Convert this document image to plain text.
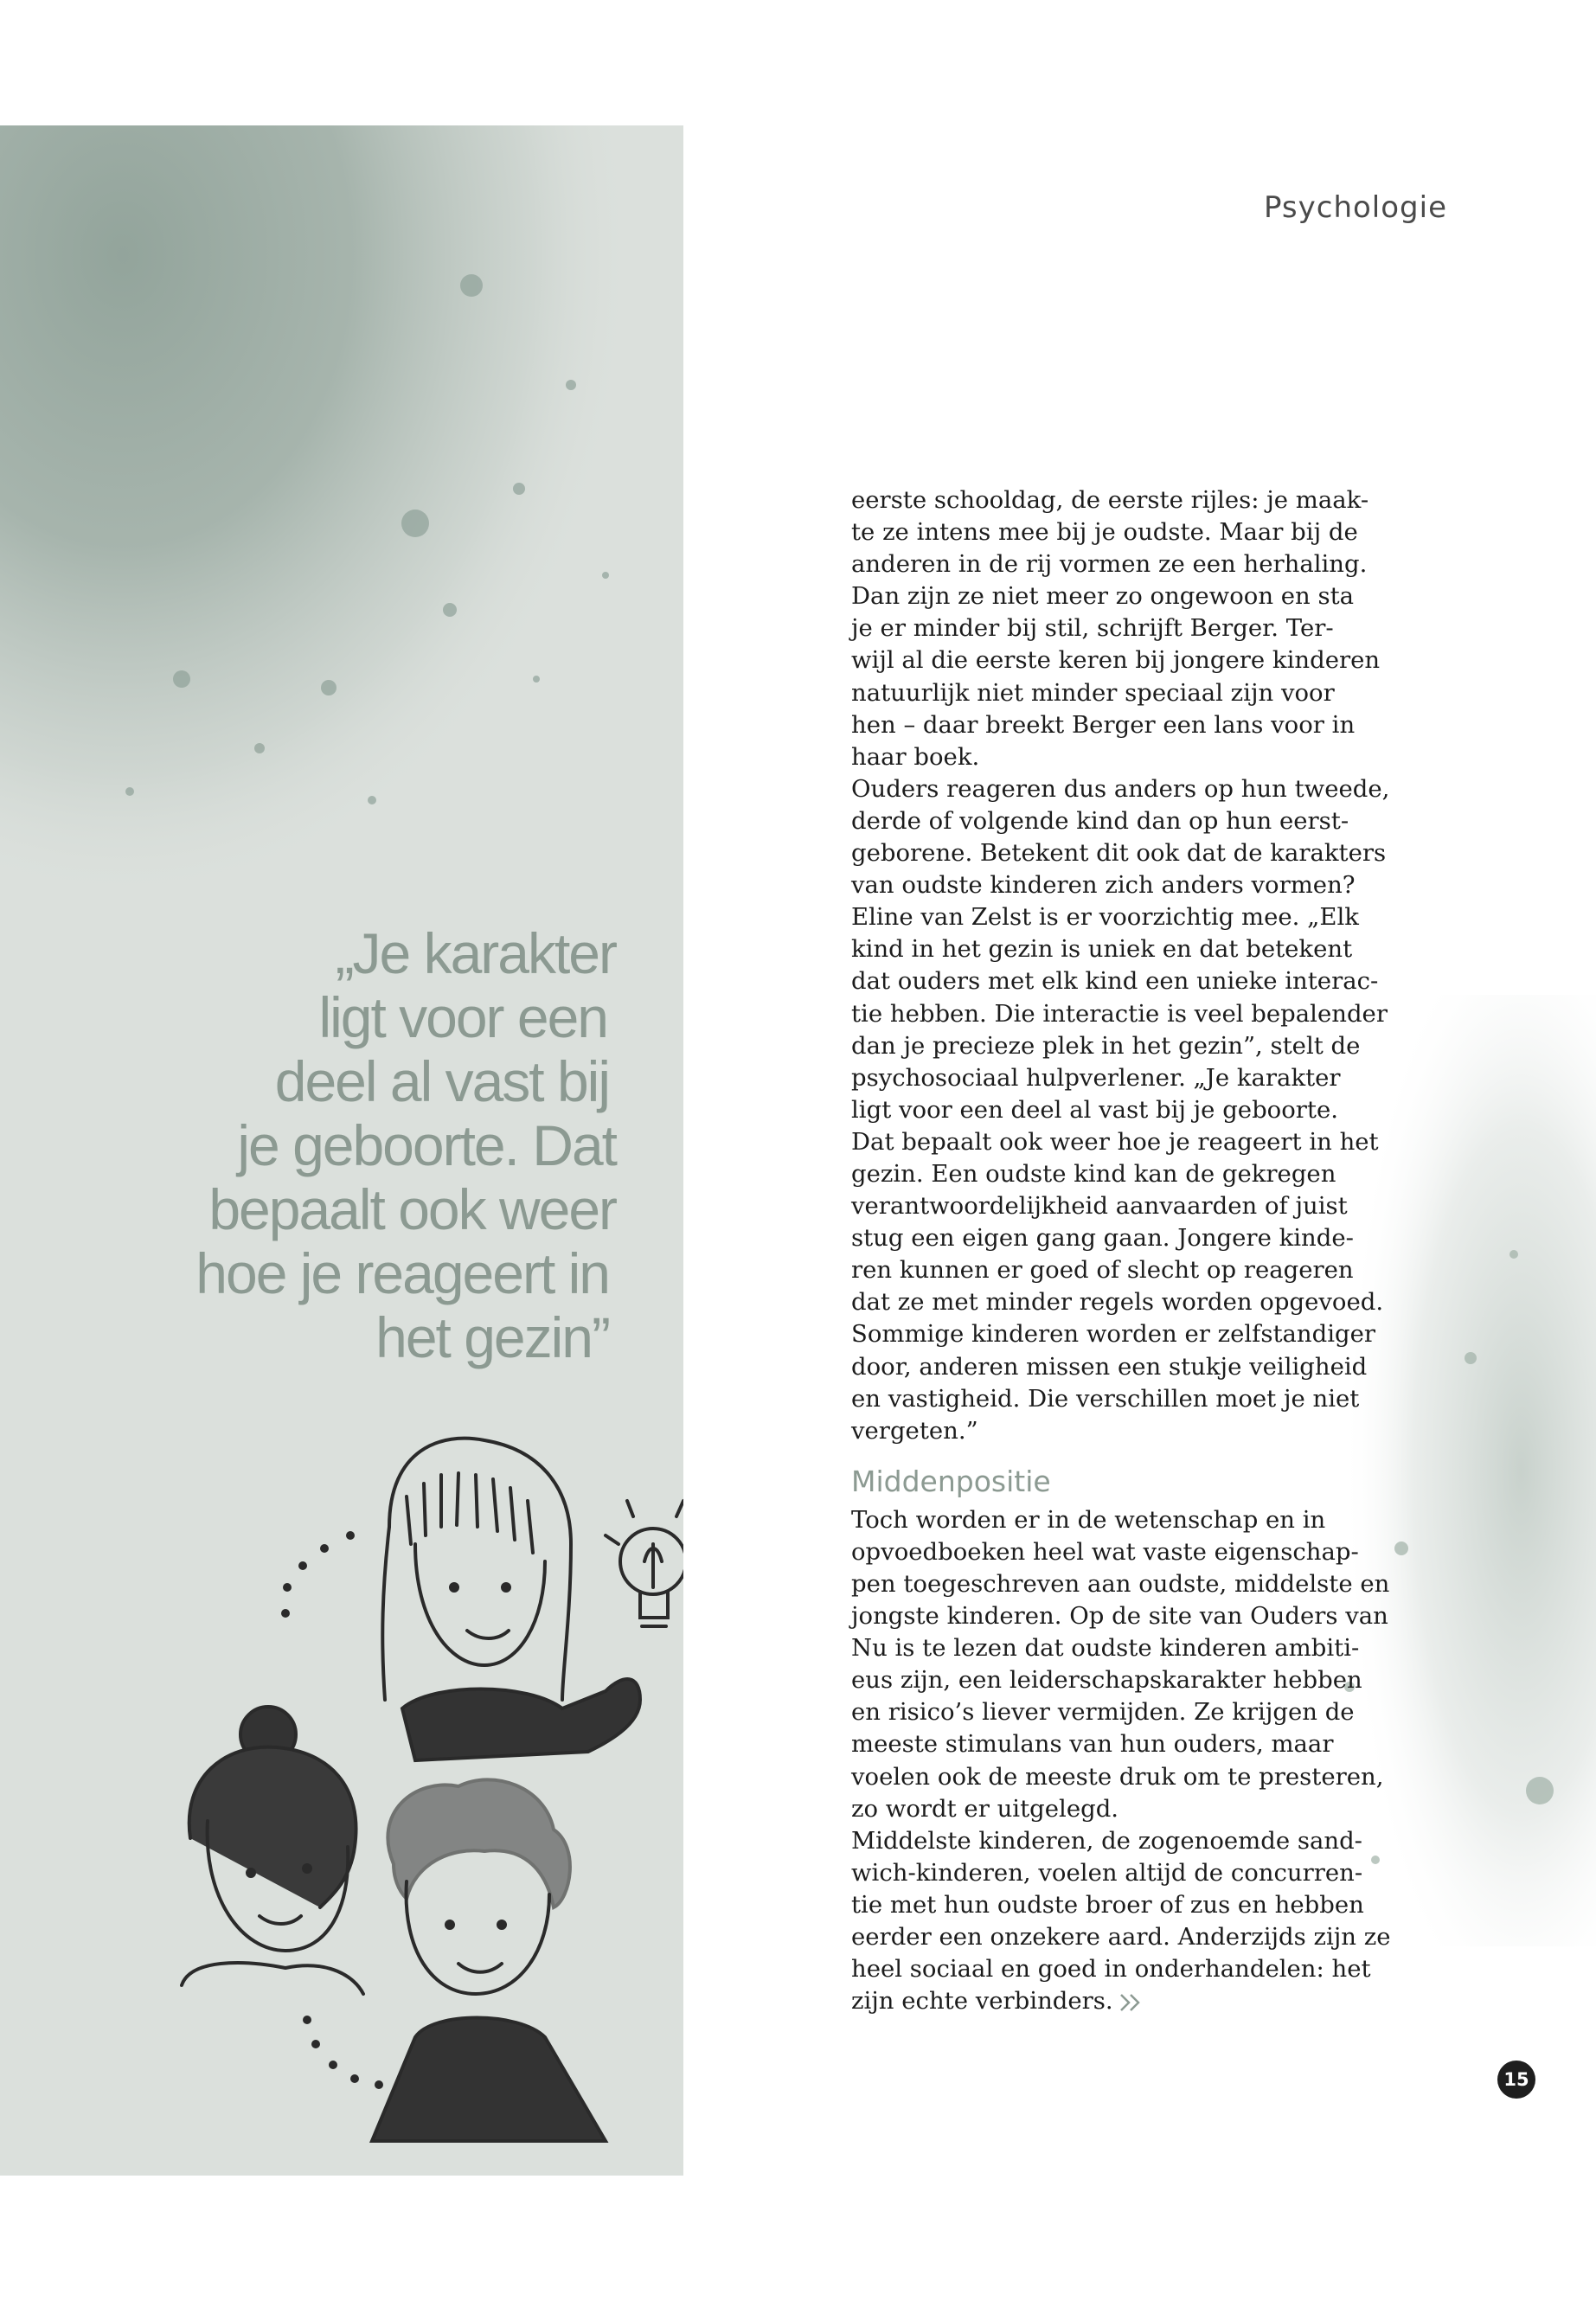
„Je karakter
ligt voor een
deel al vast bij
je geboorte. Dat
bepaalt ook weer
hoe je reageert in
het gezin”
Psychologie
eerste schooldag, de eerste rijles: je maak-
te ze intens mee bij je oudste. Maar bij de
anderen in de rij vormen ze een herhaling.
Dan zijn ze niet meer zo ongewoon en sta
je er minder bij stil, schrijft Berger. Ter-
wijl al die eerste keren bij jongere kinderen
natuurlijk niet minder speciaal zijn voor
hen – daar breekt Berger een lans voor in
haar boek.
Ouders reageren dus anders op hun tweede,
derde of volgende kind dan op hun eerst-
geborene. Betekent dit ook dat de karakters
van oudste kinderen zich anders vormen?
Eline van Zelst is er voorzichtig mee. „Elk
kind in het gezin is uniek en dat betekent
dat ouders met elk kind een unieke interac-
tie hebben. Die interactie is veel bepalender
dan je precieze plek in het gezin”, stelt de
psychosociaal hulpverlener. „Je karakter
ligt voor een deel al vast bij je geboorte.
Dat bepaalt ook weer hoe je reageert in het
gezin. Een oudste kind kan de gekregen
verantwoordelijkheid aanvaarden of juist
stug een eigen gang gaan. Jongere kinde-
ren kunnen er goed of slecht op reageren
dat ze met minder regels worden opgevoed.
Sommige kinderen worden er zelfstandiger
door, anderen missen een stukje veiligheid
en vastigheid. Die verschillen moet je niet
vergeten.”
Middenpositie
Toch worden er in de wetenschap en in
opvoedboeken heel wat vaste eigenschap-
pen toegeschreven aan oudste, middelste en
jongste kinderen. Op de site van Ouders van
Nu is te lezen dat oudste kinderen ambiti-
eus zijn, een leiderschapskarakter hebben
en risico’s liever vermijden. Ze krijgen de
meeste stimulans van hun ouders, maar
voelen ook de meeste druk om te presteren,
zo wordt er uitgelegd.
Middelste kinderen, de zogenoemde sand-
wich-kinderen, voelen altijd de concurren-
tie met hun oudste broer of zus en hebben
eerder een onzekere aard. Anderzijds zijn ze
heel sociaal en goed in onderhandelen: het
zijn echte verbinders.
15
